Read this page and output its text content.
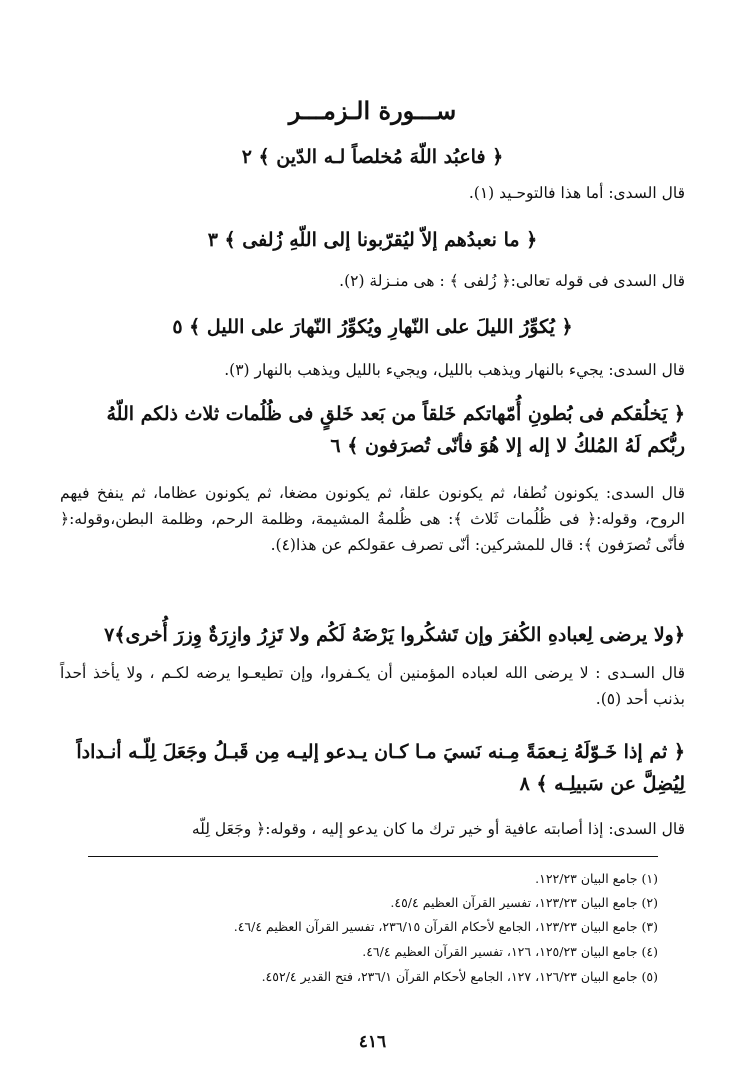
ســـورة الـزمـــر
﴿ فاعبُد اللّهَ مُخلصاً لـه الدّين ﴾ ٢
قال السدى: أما هذا فالتوحـيد (١).
﴿ ما نعبدُهم إلاّ ليُقرّبونا إلى اللّهِ زُلفى ﴾ ٣
قال السدى فى قوله تعالى:﴿ زُلفى ﴾ : هى منـزلة (٢).
﴿ يُكوِّرُ الليلَ على النّهارِ ويُكوِّرُ النّهارَ على الليل ﴾ ٥
قال السدى: يجيء بالنهار ويذهب بالليل، ويجيء بالليل ويذهب بالنهار (٣).
﴿ يَخلُقكم فى بُطونِ أُمّهاتكم خَلقاً من بَعد خَلقٍ فى ظُلُمات ثلاث ذلكم اللّهُ
ربُّكم لَهُ المُلكُ لا إله إلا هُوَ فأنّى تُصرَفون ﴾ ٦
قال السدى: يكونون نُطفا، ثم يكونون علقا، ثم يكونون مضغا، ثم يكونون عظاما، ثم ينفخ فيهم الروح، وقوله:﴿ فى ظُلُمات ثَلاث ﴾: هى ظُلمةُ المشيمة، وظلمة الرحم، وظلمة البطن،وقوله:﴿ فأنّى تُصرَفون ﴾: قال للمشركين: أنّى تصرف عقولكم عن هذا(٤).
﴿ولا يرضى لِعبادهِ الكُفرَ وإن تَشكُروا يَرْضَهُ لَكُم ولا تَزِرُ وازِرَةٌ وِزرَ أُخرى﴾٧
قال السـدى : لا يرضى الله لعباده المؤمنين أن يكـفروا، وإن تطيعـوا يرضه لكـم ، ولا يأخذ أحداً بذنب أحد (٥).
﴿ ثم إذا خَـوّلَهُ نِـعمَةً مِـنه نَسيَ مـا كـان يـدعو إليـه مِن قَبـلُ وجَعَلَ لِلّـه أنـداداً
لِيُضِلَّ عن سَبيلِـه ﴾ ٨
قال السدى: إذا أصابته عافية أو خير ترك ما كان يدعو إليه ، وقوله:﴿ وجَعَل لِلّه
(١) جامع البيان ١٢٢/٢٣.
(٢) جامع البيان ١٢٣/٢٣، تفسير القرآن العظيم ٤٥/٤.
(٣) جامع البيان ١٢٣/٢٣، الجامع لأحكام القرآن ٢٣٦/١٥، تفسير القرآن العظيم ٤٦/٤.
(٤) جامع البيان ١٢٥/٢٣، ١٢٦، تفسير القرآن العظيم ٤٦/٤.
(٥) جامع البيان ١٢٦/٢٣، ١٢٧، الجامع لأحكام القرآن ٢٣٦/١، فتح القدير ٤٥٢/٤.
٤١٦
